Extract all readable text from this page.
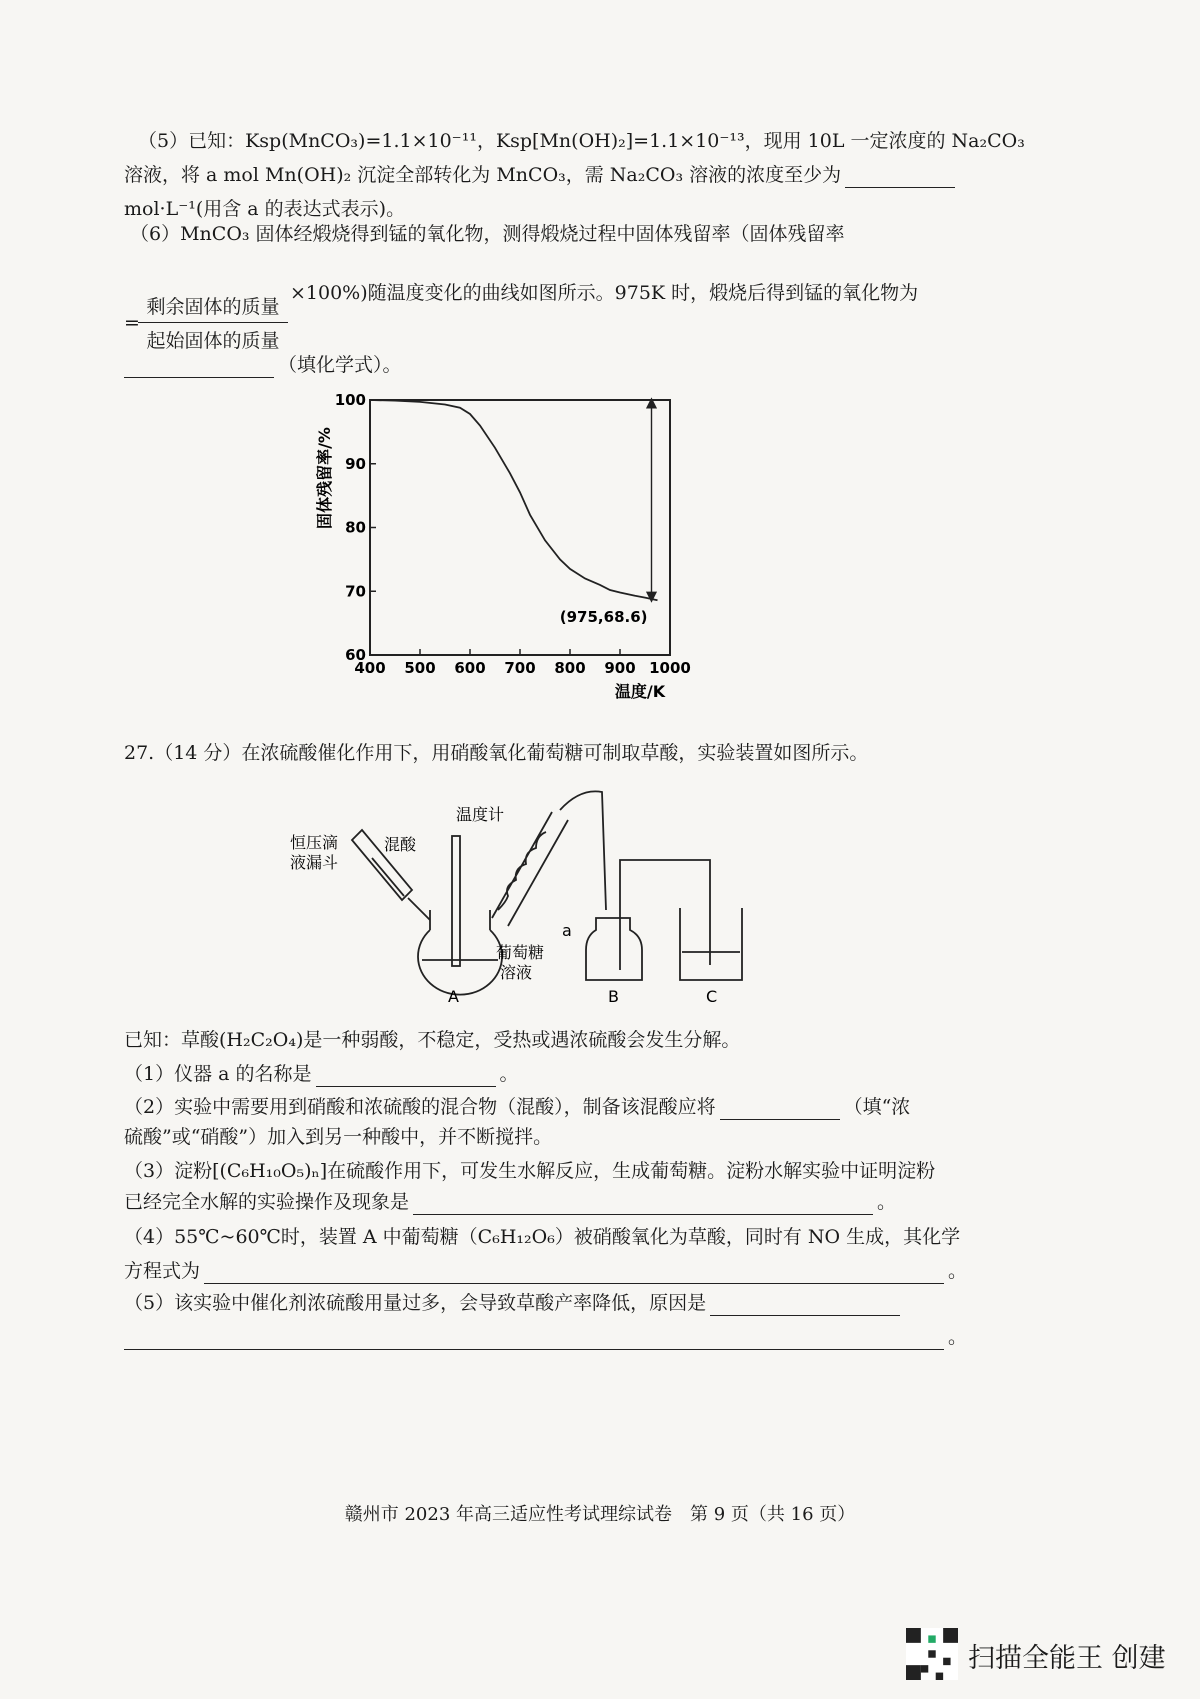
（5）已知：Ksp(MnCO₃)=1.1×10⁻¹¹，Ksp[Mn(OH)₂]=1.1×10⁻¹³，现用 10L 一定浓度的 Na₂CO₃
溶液，将 a mol Mn(OH)₂ 沉淀全部转化为 MnCO₃，需 Na₂CO₃ 溶液的浓度至少为
mol·L⁻¹(用含 a 的表达式表示)。
（6）MnCO₃ 固体经煅烧得到锰的氧化物，测得煅烧过程中固体残留率（固体残留率
=
剩余固体的质量
起始固体的质量
×100%)随温度变化的曲线如图所示。975K 时，煅烧后得到锰的氧化物为
（填化学式）。
400 500 600 700 800 900 1000
60
70
80
90
100
(975,68.6)
温度/K
固体残留率/%
27.（14 分）在浓硫酸催化作用下，用硝酸氧化葡萄糖可制取草酸，实验装置如图所示。
恒压滴
液漏斗
混酸
温度计
葡萄糖
溶液
a
A	B	C
已知：草酸(H₂C₂O₄)是一种弱酸，不稳定，受热或遇浓硫酸会发生分解。
（1）仪器 a 的名称是	。
（2）实验中需要用到硝酸和浓硫酸的混合物（混酸），制备该混酸应将	（填“浓
硫酸”或“硝酸”）加入到另一种酸中，并不断搅拌。
（3）淀粉[(C₆H₁₀O₅)ₙ]在硫酸作用下，可发生水解反应，生成葡萄糖。淀粉水解实验中证明淀粉
已经完全水解的实验操作及现象是	。
（4）55℃~60℃时，装置 A 中葡萄糖（C₆H₁₂O₆）被硝酸氧化为草酸，同时有 NO 生成，其化学
方程式为	。
（5）该实验中催化剂浓硫酸用量过多，会导致草酸产率降低，原因是
。
赣州市 2023 年高三适应性考试理综试卷　第 9 页（共 16 页）
扫描全能王 创建
